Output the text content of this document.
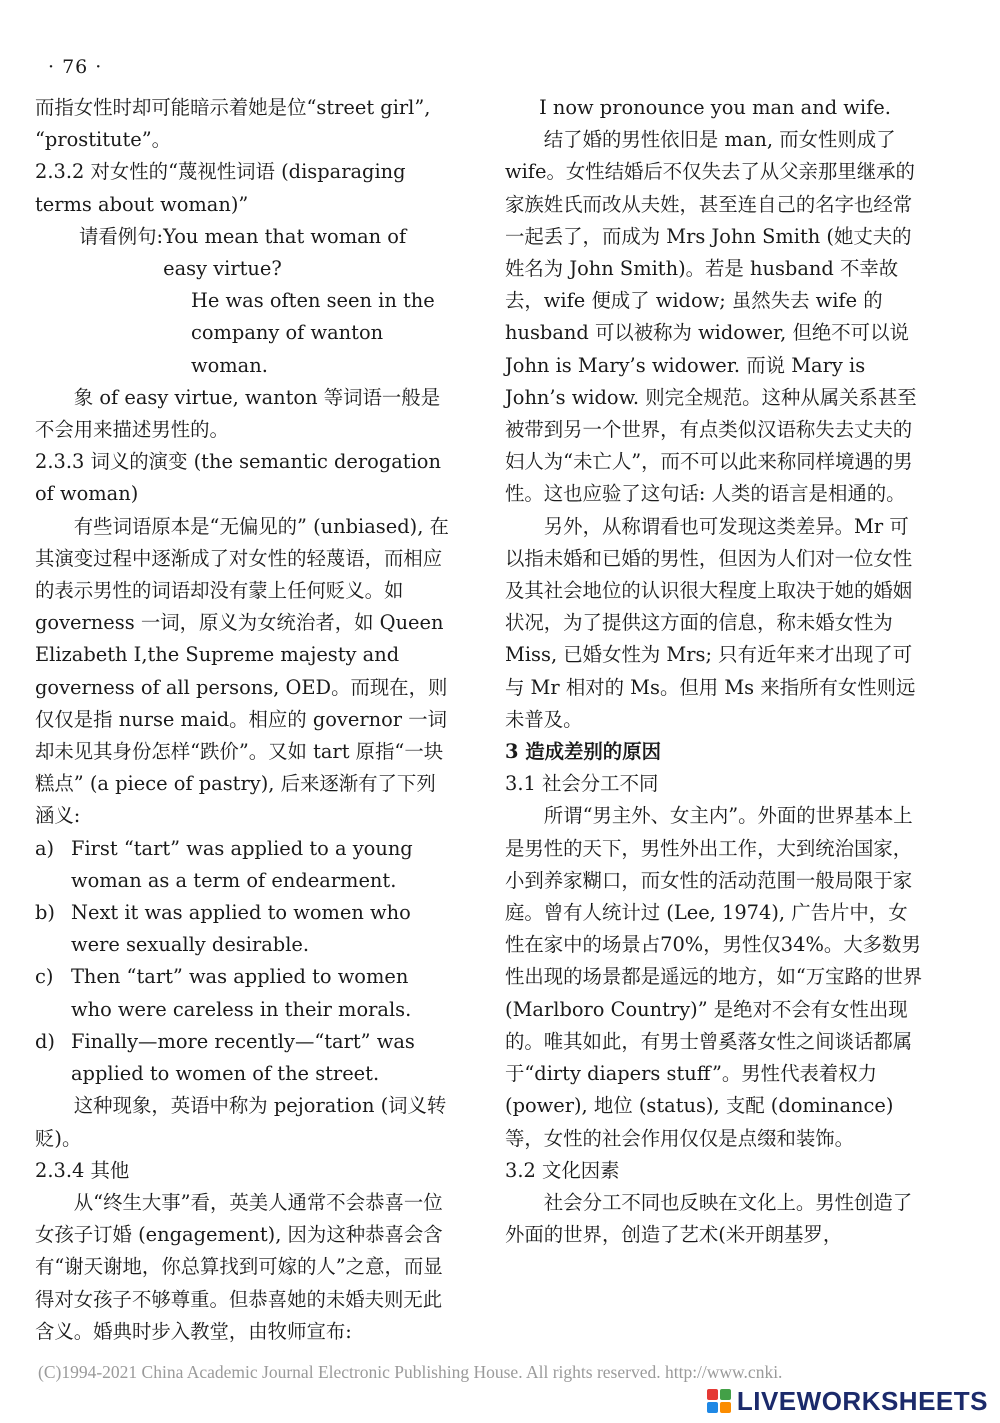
· 76 ·

而指女性时却可能暗示着她是位“street girl”, “prostitute”。

2.3.2 对女性的“蔑视性词语 (disparaging terms about woman)”

请看例句: You mean that woman of easy virtue?

He was often seen in the company of wanton woman.

象 of easy virtue, wanton 等词语一般是不会用来描述男性的。

2.3.3 词义的演变 (the semantic derogation of woman)

有些词语原本是“无偏见的” (unbiased), 在其演变过程中逐渐成了对女性的轻蔑语，而相应的表示男性的词语却没有蒙上任何贬义。如 governess 一词，原义为女统治者，如 Queen Elizabeth I,the Supreme majesty and governess of all persons, OED。而现在，则仅仅是指 nurse maid。相应的 governor 一词却未见其身份怎样“跌价”。又如 tart 原指“一块糕点” (a piece of pastry), 后来逐渐有了下列涵义:

a) First “tart” was applied to a young woman as a term of endearment.
b) Next it was applied to women who were sexually desirable.
c) Then “tart” was applied to women who were careless in their morals.
d) Finally—more recently—“tart” was applied to women of the street.

这种现象，英语中称为 pejoration (词义转贬)。

2.3.4 其他

从“终生大事”看，英美人通常不会恭喜一位女孩子订婚 (engagement), 因为这种恭喜会含有“谢天谢地，你总算找到可嫁的人”之意，而显得对女孩子不够尊重。但恭喜她的未婚夫则无此含义。婚典时步入教堂，由牧师宣布:

I now pronounce you man and wife.

结了婚的男性依旧是 man, 而女性则成了 wife。女性结婚后不仅失去了从父亲那里继承的家族姓氏而改从夫姓，甚至连自己的名字也经常一起丢了，而成为 Mrs John Smith (她丈夫的姓名为 John Smith)。若是 husband 不幸故去，wife 便成了 widow; 虽然失去 wife 的 husband 可以被称为 widower, 但绝不可以说 John is Mary’s widower. 而说 Mary is John’s widow. 则完全规范。这种从属关系甚至被带到另一个世界，有点类似汉语称失去丈夫的妇人为“未亡人”，而不可以此来称同样境遇的男性。这也应验了这句话: 人类的语言是相通的。

另外，从称谓看也可发现这类差异。Mr 可以指未婚和已婚的男性，但因为人们对一位女性及其社会地位的认识很大程度上取决于她的婚姻状况，为了提供这方面的信息，称未婚女性为 Miss, 已婚女性为 Mrs; 只有近年来才出现了可与 Mr 相对的 Ms。但用 Ms 来指所有女性则远未普及。

3 造成差别的原因

3.1 社会分工不同

所谓“男主外、女主内”。外面的世界基本上是男性的天下，男性外出工作，大到统治国家，小到养家糊口，而女性的活动范围一般局限于家庭。曾有人统计过 (Lee, 1974), 广告片中，女性在家中的场景占70%，男性仅34%。大多数男性出现的场景都是遥远的地方，如“万宝路的世界 (Marlboro Country)” 是绝对不会有女性出现的。唯其如此，有男士曾奚落女性之间谈话都属于“dirty diapers stuff”。男性代表着权力 (power), 地位 (status), 支配 (dominance) 等，女性的社会作用仅仅是点缀和装饰。

3.2 文化因素

社会分工不同也反映在文化上。男性创造了外面的世界，创造了艺术(米开朗基罗，

(C)1994-2021 China Academic Journal Electronic Publishing House. All rights reserved. http://www.cnki.
LIVEWORKSHEETS
